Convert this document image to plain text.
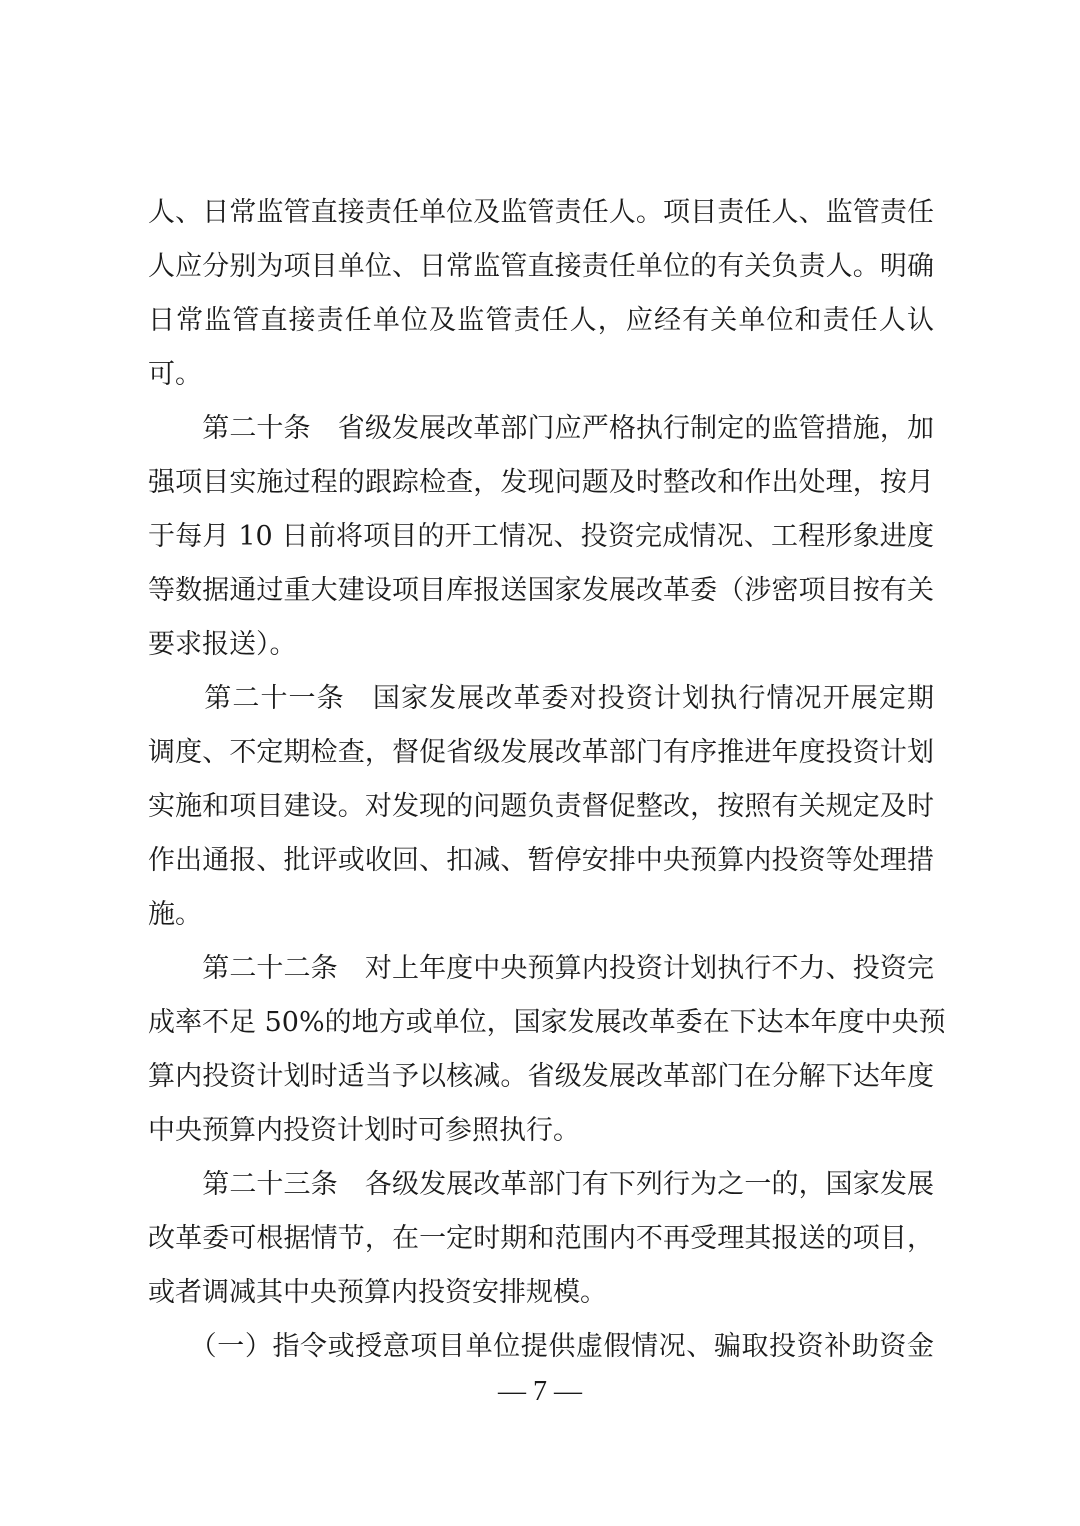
人、日常监管直接责任单位及监管责任人。项目责任人、监管责任
人应分别为项目单位、日常监管直接责任单位的有关负责人。明确
日常监管直接责任单位及监管责任人，应经有关单位和责任人认
可。
　　第二十条　省级发展改革部门应严格执行制定的监管措施，加
强项目实施过程的跟踪检查，发现问题及时整改和作出处理，按月
于每月 10 日前将项目的开工情况、投资完成情况、工程形象进度
等数据通过重大建设项目库报送国家发展改革委（涉密项目按有关
要求报送）。
　　第二十一条　国家发展改革委对投资计划执行情况开展定期
调度、不定期检查，督促省级发展改革部门有序推进年度投资计划
实施和项目建设。对发现的问题负责督促整改，按照有关规定及时
作出通报、批评或收回、扣减、暂停安排中央预算内投资等处理措
施。
　　第二十二条　对上年度中央预算内投资计划执行不力、投资完
成率不足 50%的地方或单位，国家发展改革委在下达本年度中央预
算内投资计划时适当予以核减。省级发展改革部门在分解下达年度
中央预算内投资计划时可参照执行。
　　第二十三条　各级发展改革部门有下列行为之一的，国家发展
改革委可根据情节，在一定时期和范围内不再受理其报送的项目，
或者调减其中央预算内投资安排规模。
　　（一）指令或授意项目单位提供虚假情况、骗取投资补助资金
— 7 —
